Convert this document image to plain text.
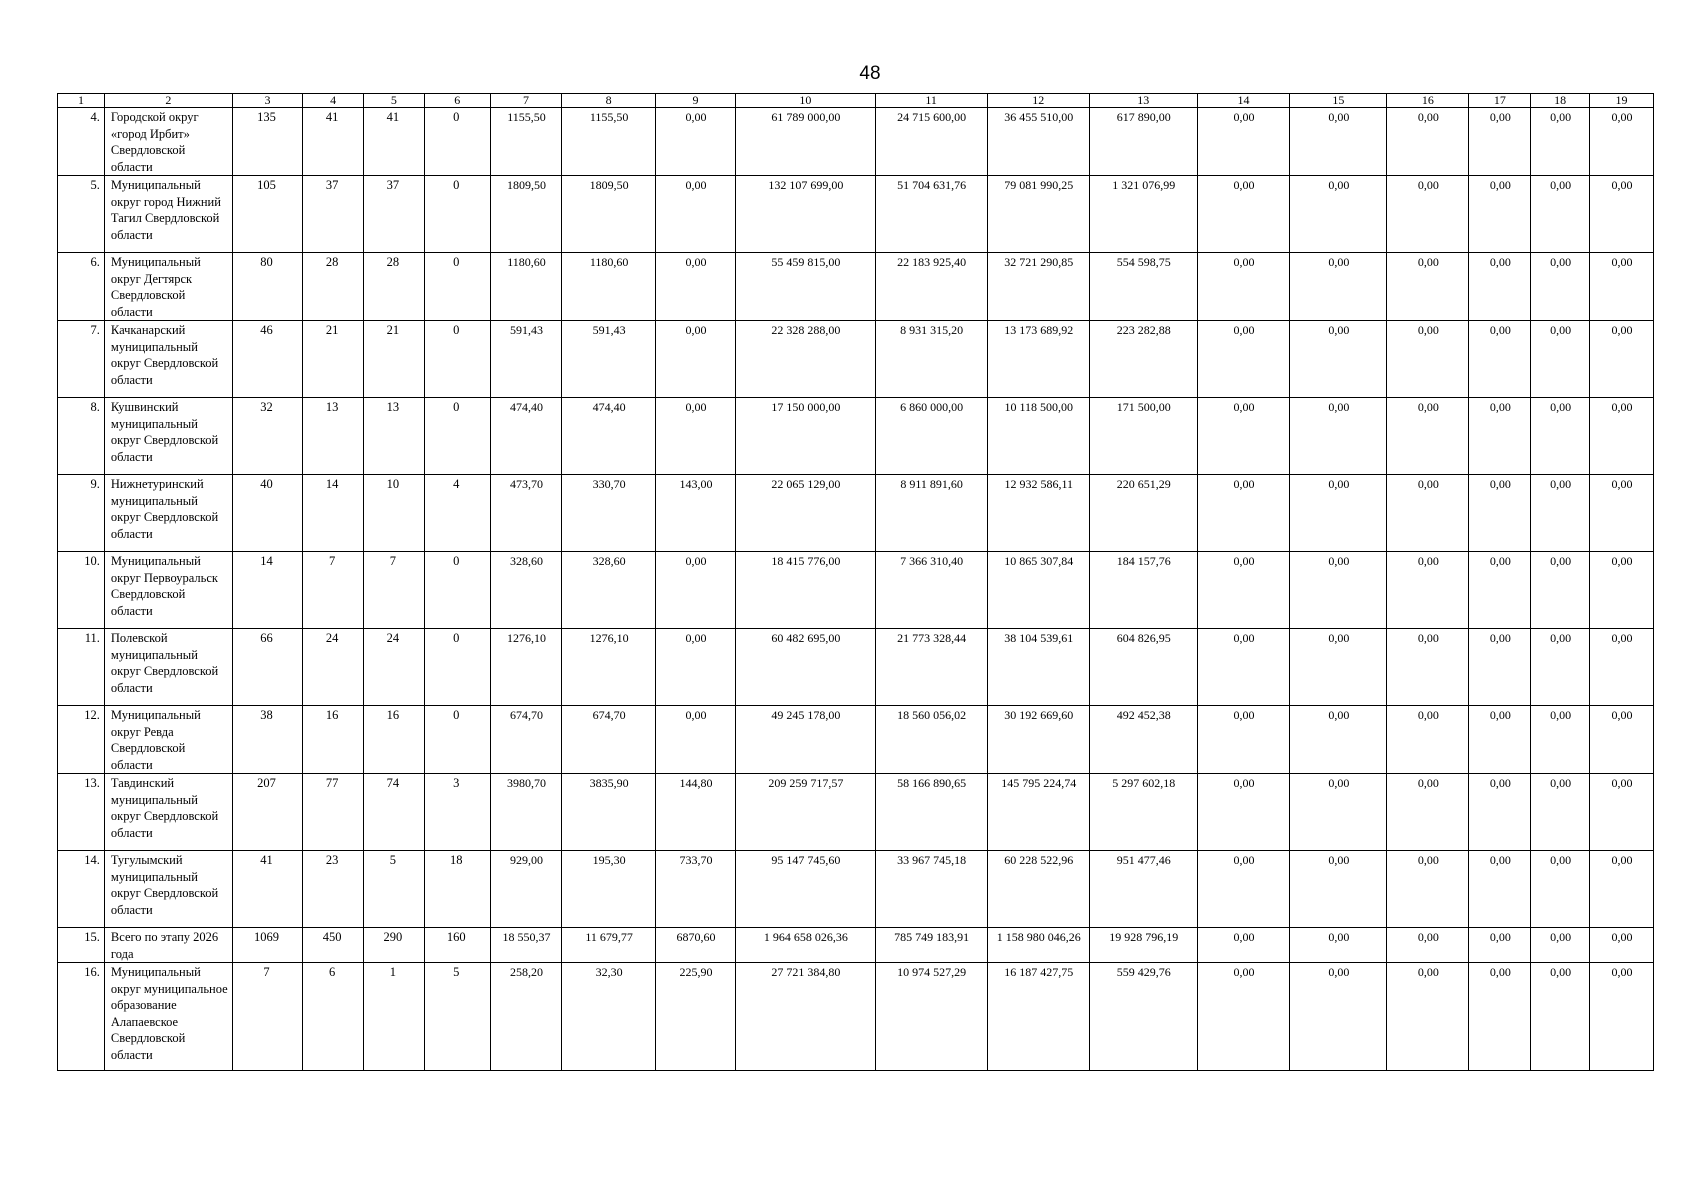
48
1	2	3	4	5	6	7	8	9	10	11	12	13	14	15	16	17	18	19
4.	Городской округ «город Ирбит» Свердловской области	135	41	41	0	1155,50	1155,50	0,00	61 789 000,00	24 715 600,00	36 455 510,00	617 890,00	0,00	0,00	0,00	0,00	0,00	0,00
5.	Муниципальный округ город Нижний Тагил Свердловской области	105	37	37	0	1809,50	1809,50	0,00	132 107 699,00	51 704 631,76	79 081 990,25	1 321 076,99	0,00	0,00	0,00	0,00	0,00	0,00
6.	Муниципальный округ Дегтярск Свердловской области	80	28	28	0	1180,60	1180,60	0,00	55 459 815,00	22 183 925,40	32 721 290,85	554 598,75	0,00	0,00	0,00	0,00	0,00	0,00
7.	Качканарский муниципальный округ Свердловской области	46	21	21	0	591,43	591,43	0,00	22 328 288,00	8 931 315,20	13 173 689,92	223 282,88	0,00	0,00	0,00	0,00	0,00	0,00
8.	Кушвинский муниципальный округ Свердловской области	32	13	13	0	474,40	474,40	0,00	17 150 000,00	6 860 000,00	10 118 500,00	171 500,00	0,00	0,00	0,00	0,00	0,00	0,00
9.	Нижнетуринский муниципальный округ Свердловской области	40	14	10	4	473,70	330,70	143,00	22 065 129,00	8 911 891,60	12 932 586,11	220 651,29	0,00	0,00	0,00	0,00	0,00	0,00
10.	Муниципальный округ Первоуральск Свердловской области	14	7	7	0	328,60	328,60	0,00	18 415 776,00	7 366 310,40	10 865 307,84	184 157,76	0,00	0,00	0,00	0,00	0,00	0,00
11.	Полевской муниципальный округ Свердловской области	66	24	24	0	1276,10	1276,10	0,00	60 482 695,00	21 773 328,44	38 104 539,61	604 826,95	0,00	0,00	0,00	0,00	0,00	0,00
12.	Муниципальный округ Ревда Свердловской области	38	16	16	0	674,70	674,70	0,00	49 245 178,00	18 560 056,02	30 192 669,60	492 452,38	0,00	0,00	0,00	0,00	0,00	0,00
13.	Тавдинский муниципальный округ Свердловской области	207	77	74	3	3980,70	3835,90	144,80	209 259 717,57	58 166 890,65	145 795 224,74	5 297 602,18	0,00	0,00	0,00	0,00	0,00	0,00
14.	Тугулымский муниципальный округ Свердловской области	41	23	5	18	929,00	195,30	733,70	95 147 745,60	33 967 745,18	60 228 522,96	951 477,46	0,00	0,00	0,00	0,00	0,00	0,00
15.	Всего по этапу 2026 года	1069	450	290	160	18 550,37	11 679,77	6870,60	1 964 658 026,36	785 749 183,91	1 158 980 046,26	19 928 796,19	0,00	0,00	0,00	0,00	0,00	0,00
16.	Муниципальный округ муниципальное образование Алапаевское Свердловской области	7	6	1	5	258,20	32,30	225,90	27 721 384,80	10 974 527,29	16 187 427,75	559 429,76	0,00	0,00	0,00	0,00	0,00	0,00
